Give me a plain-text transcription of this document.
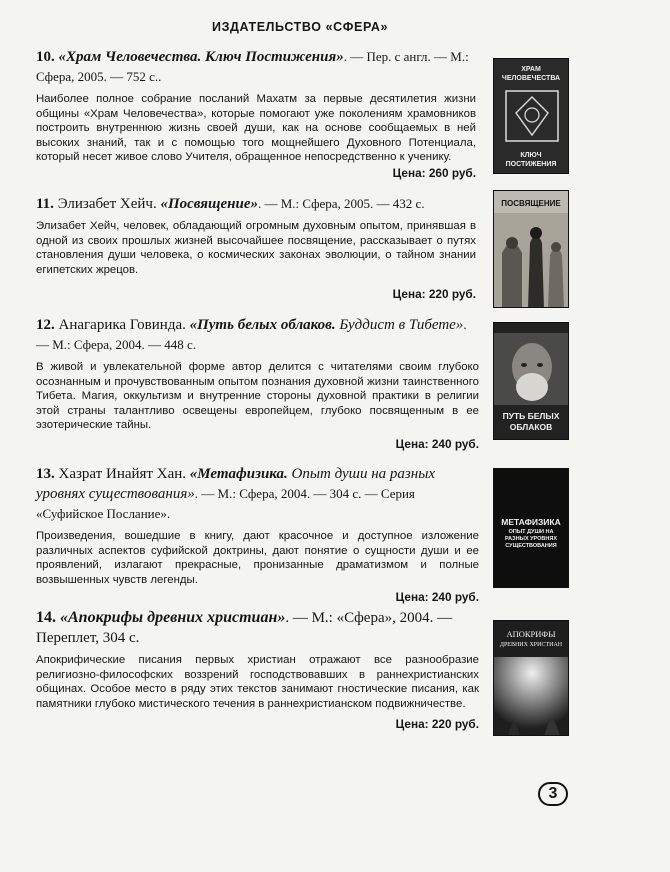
ИЗДАТЕЛЬСТВО «СФЕРА»
10. «Храм Человечества. Ключ Постижения». — Пер. с англ. — М.: Сфера, 2005. — 752 с..
Наиболее полное собрание посланий Махатм за первые десятилетия жизни общины «Храм Человечества», которые помогают уже поколениям храмовников построить внутреннюю жизнь своей души, как на основе сообщаемых в ней высоких знаний, так и с помощью того мощнейшего Духовного Потенциала, который несет живое слово Учителя, обращенное непосредственно к ученику.
Цена: 260 руб.
ХРАМ ЧЕЛОВЕЧЕСТВА
КЛЮЧ ПОСТИЖЕНИЯ
11. Элизабет Хейч. «Посвящение». — М.: Сфера, 2005. — 432 с.
Элизабет Хейч, человек, обладающий огромным духовным опытом, принявшая в одной из своих прошлых жизней высочайшее посвящение, рассказывает о путях становления души человека, о космических законах эволюции, о тайном знании египетских жрецов.
Цена: 220 руб.
ПОСВЯЩЕНИЕ
12. Анагарика Говинда. «Путь белых облаков. Буддист в Тибете». — М.: Сфера, 2004. — 448 с.
В живой и увлекательной форме автор делится с читателями своим глубоко осознанным и прочувствованным опытом познания духовной жизни таинственного Тибета. Магия, оккультизм и внутренние стороны духовной практики в религии этой страны талантливо освещены европейцем, глубоко посвященным в ее эзотерические тайны.
Цена: 240 руб.
ПУТЬ БЕЛЫХ ОБЛАКОВ
13. Хазрат Инайят Хан. «Метафизика. Опыт души на разных уровнях существования». — М.: Сфера, 2004. — 304 с. — Серия «Суфийское Послание».
Произведения, вошедшие в книгу, дают красочное и доступное изложение различных аспектов суфийской доктрины, дают понятие о сущности души и ее проявлений, излагают прекрасные, пронизанные драматизмом и полные возвышенных чувств легенды.
Цена: 240 руб.
МЕТАФИЗИКА
ОПЫТ ДУШИ НА РАЗНЫХ УРОВНЯХ СУЩЕСТВОВАНИЯ
14. «Апокрифы древних христиан». — М.: «Сфера», 2004. — Переплет, 304 с.
Апокрифические писания первых христиан отражают все разнообразие религиозно-философских воззрений господствовавших в раннехристианских общинах. Особое место в ряду этих текстов занимают гностические писания, как памятники глубоко мистического течения в раннехристианском подвижничестве.
Цена: 220 руб.
АПОКРИФЫ
ДРЕВНИХ ХРИСТИАН
3
